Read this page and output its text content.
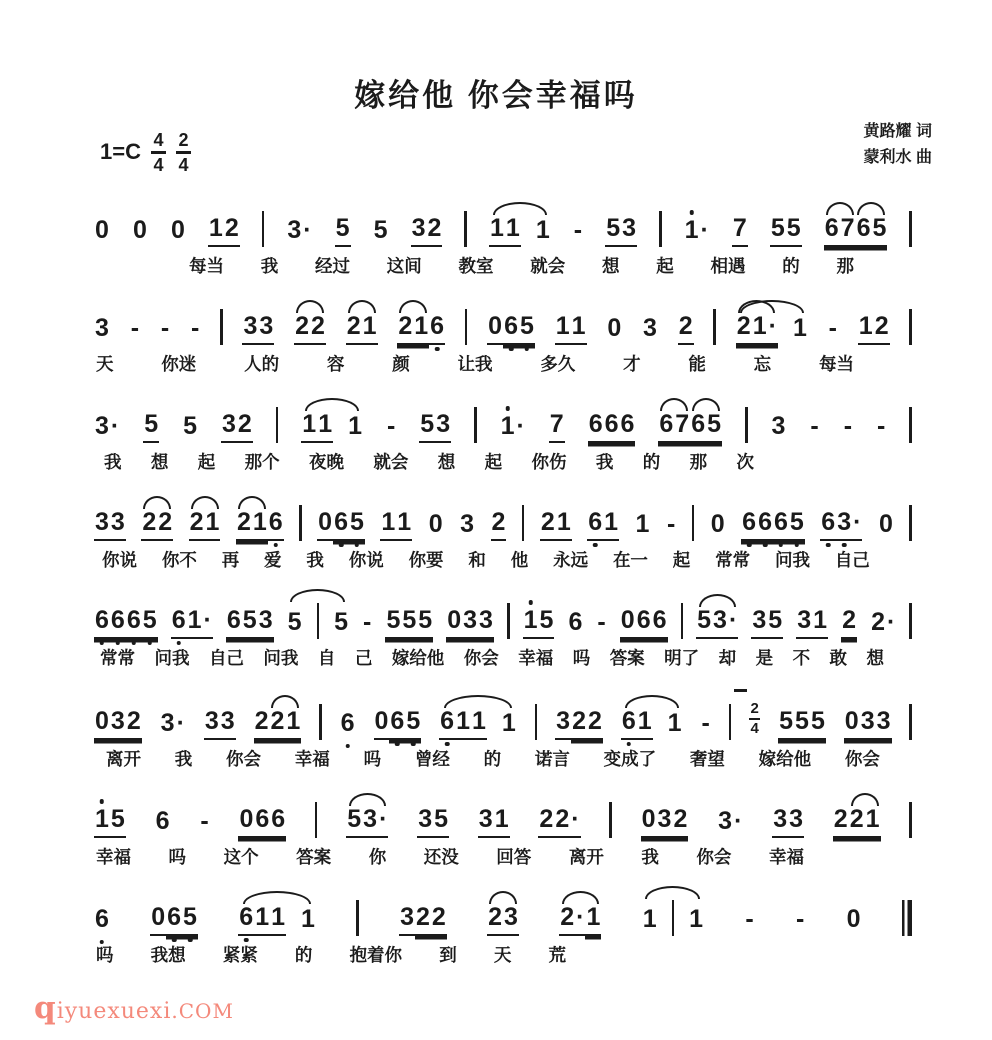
嫁给他 你会幸福吗
$1=C \frac{4}{4} \frac{2}{4}$	黄路耀 词
蒙利水 曲
0 0 0 1 2 3 · 5 5 3 2 1 1 1 - 5 3 1 · 7 5 5 6 7 6 5
每当 我 经过 这间 教室 就会 想 起 相遇 的 那
3 - - - 3 3 2 2 2 1 2 1 6 0 6 5 1 1 0 3 2 2 1 · 1 - 1 2
天	你迷	人的	容	颜	让我	多久	才	能	忘	每当
3 · 5 5 3 2 1 1 1 - 5 3 1 · 7 6 6 6 6 7 6 5 3 - - -
我 想 起 那个 夜晚 就会 想 起 你伤 我 的 那 次
3 3 2 2 2 1 2 1 6 0 6 5 1 1 0 3 2 2 1 6 1 1 - 0 6 6 6 5 6 3 · 0
你说 你不 再 爱 我 你说 你要 和 他 永远 在一 起 常常 问我 自己
6 6 6 5 6 1 · 6 5 3 5 5 - 5 5 5 0 3 3 1 5 6 - 0 6 6 5 3 · 3 5 3 1 2 2 ·
常常 问我 自己 问我 自 己 嫁给他 你会 幸福 吗 答案 明了 却 是 不 敢 想
0 3 2 3 · 3 3 2 2 1 6 0 6 5 6 1 1 1 3 2 2 6 1 1 -
2
4 5 5 5 0 3 3
离开 我 你会 幸福 吗 曾经 的 诺言 变成了 奢望 嫁给他 你会
1 5 6 - 0 6 6 5 3 · 3 5 3 1 2 2 · 0 3 2 3 · 3 3 2 2 1
幸福 吗 这个 答案 你 还没 回答 离开 我 你会 幸福
6 0 6 5 6 1 1 1	3 2 2 2 3 2 · 1 1 1 - - 0
吗 我想 紧紧 的 抱着你 到 天 荒
q iyuexuexi .COM
